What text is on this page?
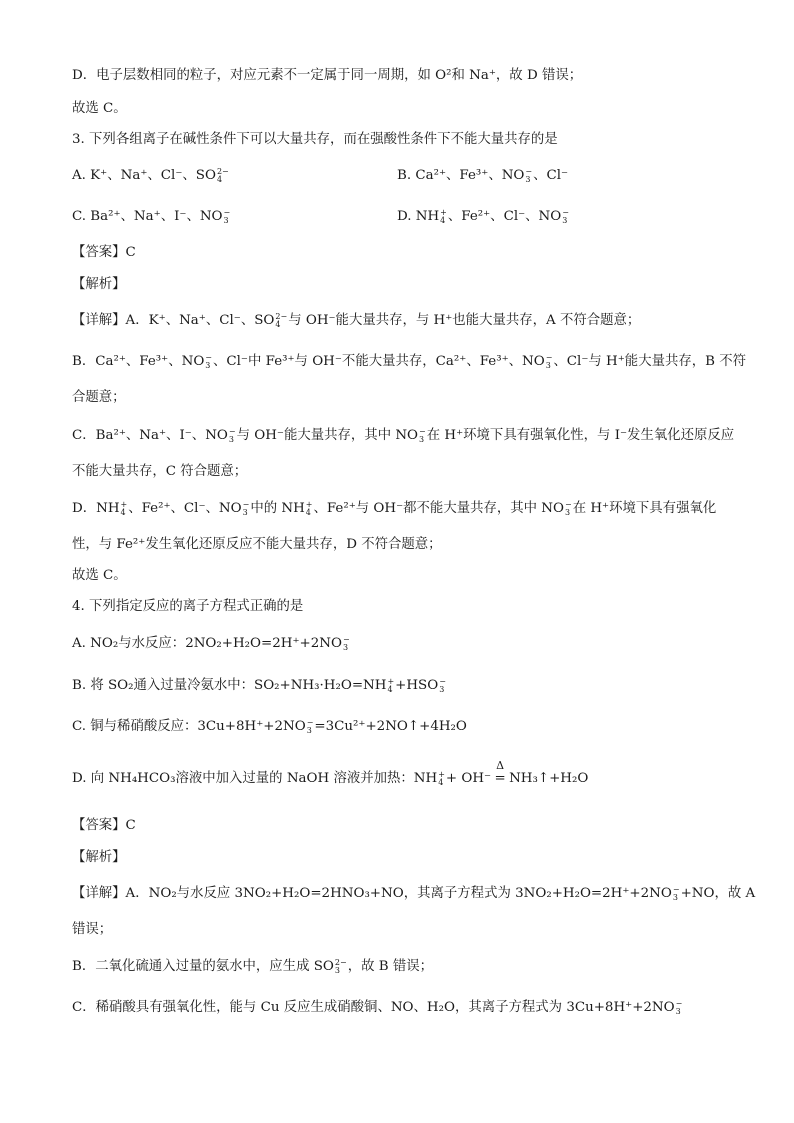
D．电子层数相同的粒子，对应元素不一定属于同一周期，如 O²和 Na⁺，故 D 错误；
故选 C。
3. 下列各组离子在碱性条件下可以大量共存，而在强酸性条件下不能大量共存的是
A. K⁺、Na⁺、Cl⁻、SO 2−
4	B. Ca²⁺、Fe³⁺、NO −
3 、Cl⁻
C. Ba²⁺、Na⁺、I⁻、NO −
3	D. NH +
4 、Fe²⁺、Cl⁻、NO −
3
【答案】C
【解析】
【详解】A．K⁺、Na⁺、Cl⁻、SO 2−
4 与 OH⁻能大量共存，与 H⁺也能大量共存，A 不符合题意；
B．Ca²⁺、Fe³⁺、NO −
3 、Cl⁻中 Fe³⁺与 OH⁻不能大量共存，Ca²⁺、Fe³⁺、NO −
3 、Cl⁻与 H⁺能大量共存，B 不符
合题意；
C．Ba²⁺、Na⁺、I⁻、NO −
3 与 OH⁻能大量共存，其中 NO −
3 在 H⁺环境下具有强氧化性，与 I⁻发生氧化还原反应
不能大量共存，C 符合题意；
D．NH +
4 、Fe²⁺、Cl⁻、NO −
3 中的 NH +
4 、Fe²⁺与 OH⁻都不能大量共存，其中 NO −
3 在 H⁺环境下具有强氧化
性，与 Fe²⁺发生氧化还原反应不能大量共存，D 不符合题意；
故选 C。
4. 下列指定反应的离子方程式正确的是
A. NO₂与水反应：2NO₂+H₂O=2H⁺+2NO −
3
B. 将 SO₂通入过量冷氨水中：SO₂+NH₃·H₂O=NH +
4 +HSO −
3
C. 铜与稀硝酸反应：3Cu+8H⁺+2NO −
3 =3Cu²⁺+2NO↑+4H₂O
D. 向 NH₄HCO₃溶液中加入过量的 NaOH 溶液并加热：NH +
4 + OH⁻
Δ
= NH₃↑+H₂O
【答案】C
【解析】
【详解】A．NO₂与水反应 3NO₂+H₂O=2HNO₃+NO，其离子方程式为 3NO₂+H₂O=2H⁺+2NO −
3 +NO，故 A
错误；
B．二氧化硫通入过量的氨水中，应生成 SO 2−
3 ，故 B 错误；
C．稀硝酸具有强氧化性，能与 Cu 反应生成硝酸铜、NO、H₂O，其离子方程式为 3Cu+8H⁺+2NO −
3
